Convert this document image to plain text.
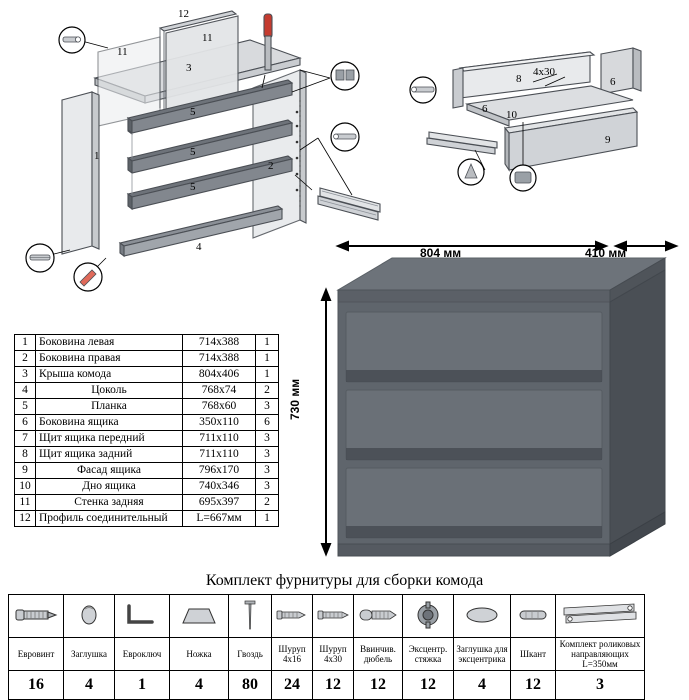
12
11
11
3
5
5
5
1
2
4
8
4х30
6
6 10
9
1	Боковина левая	714х388	1
2	Боковина правая	714х388	1
3	Крыша комода	804х406	1
4	Цоколь	768х74	2
5	Планка	768х60	3
6	Боковина ящика	350х110	6
7	Щит ящика передний	711х110	3
8	Щит ящика задний	711х110	3
9	Фасад ящика	796х170	3
10	Дно ящика	740х346	3
11	Стенка задняя	695х397	2
12	Профиль соединительный	L=667мм	1
804 мм	410 мм
730 мм
Комплект фурнитуры для сборки комода

Евровинт	Заглушка	Евроключ	Ножка	Гвоздь	Шуруп 4х16	Шуруп 4х30	Ввинчив. дюбель	Эксцентр. стяжка	Заглушка для эксцентрика	Шкант	Комплект роликовых направляющих L=350мм
16	4	1	4	80	24	12	12	12	4	12	3
